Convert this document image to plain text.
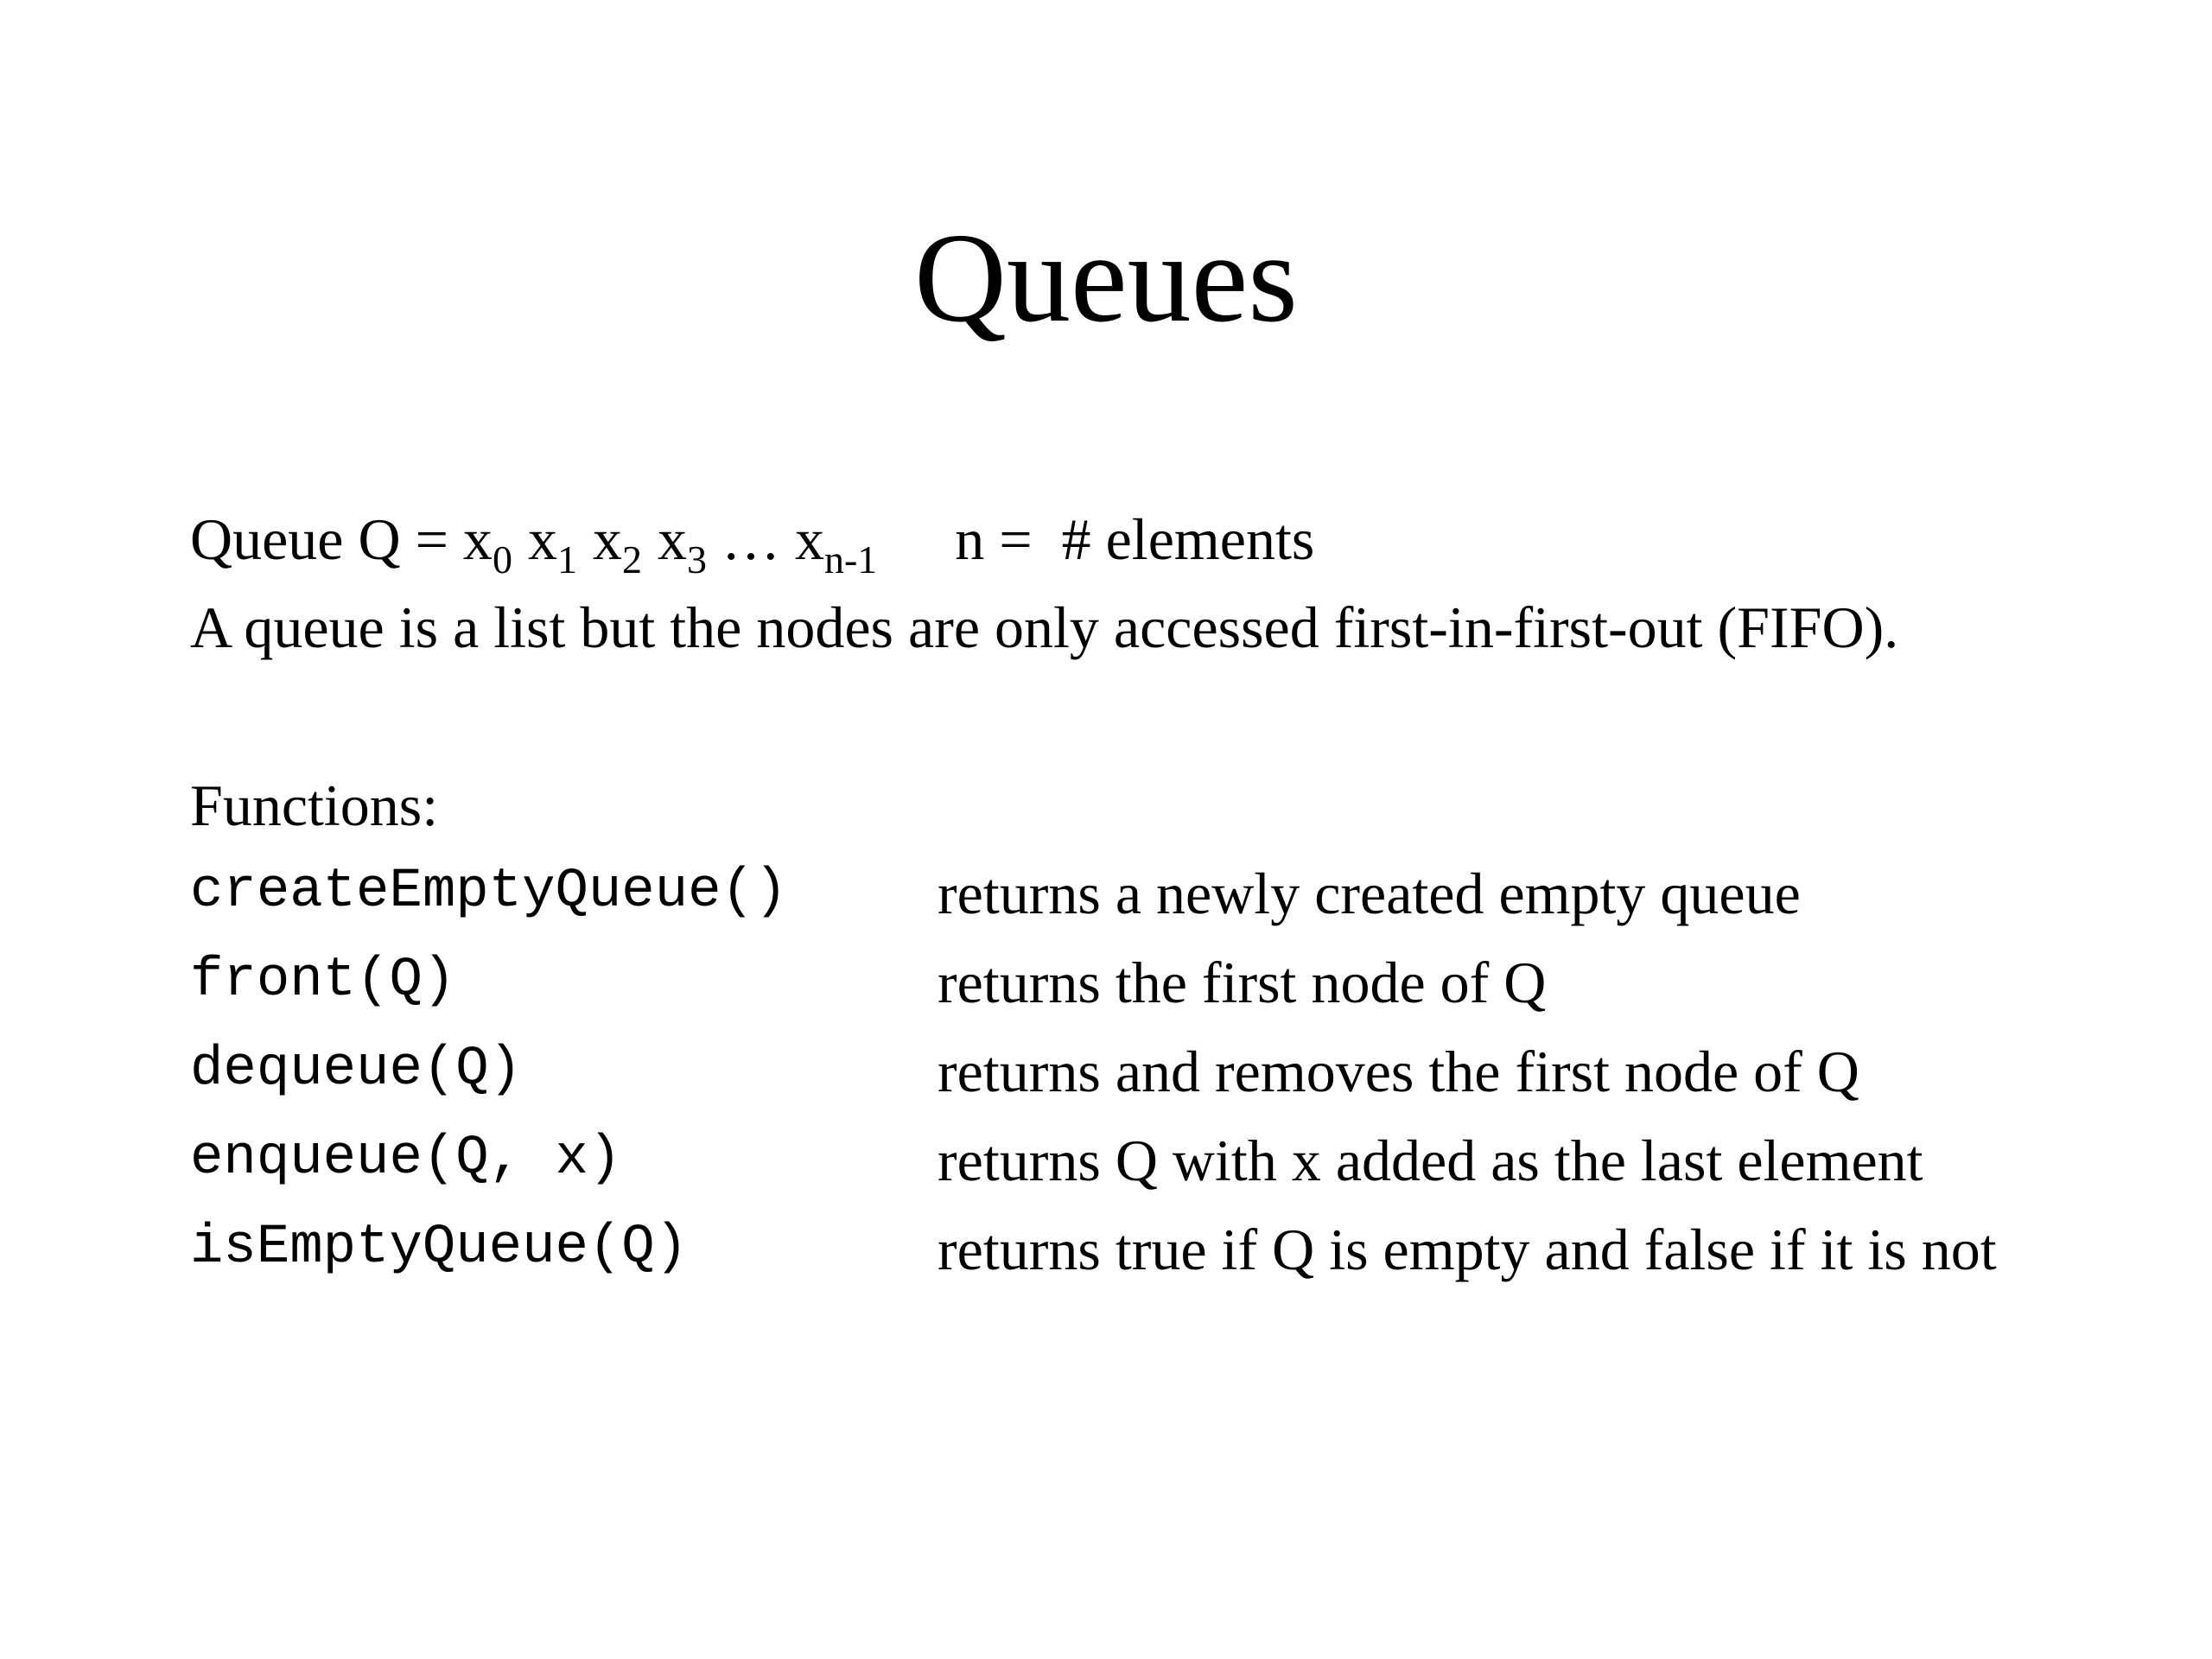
Queues
Queue $Q = x_0$ $x_1$ $x_2$ $x_3$ … $x_{n-1}$ n =  # elements
A queue is a list but the nodes are only accessed first-in-first-out (FIFO).
Functions:
createEmptyQueue()	returns a newly created empty queue
front(Q)	returns the first node of Q
dequeue(Q)	returns and removes the first node of Q
enqueue(Q, x)	returns Q with x added as the last element
isEmptyQueue(Q)	returns true if Q is empty and false if it is not
